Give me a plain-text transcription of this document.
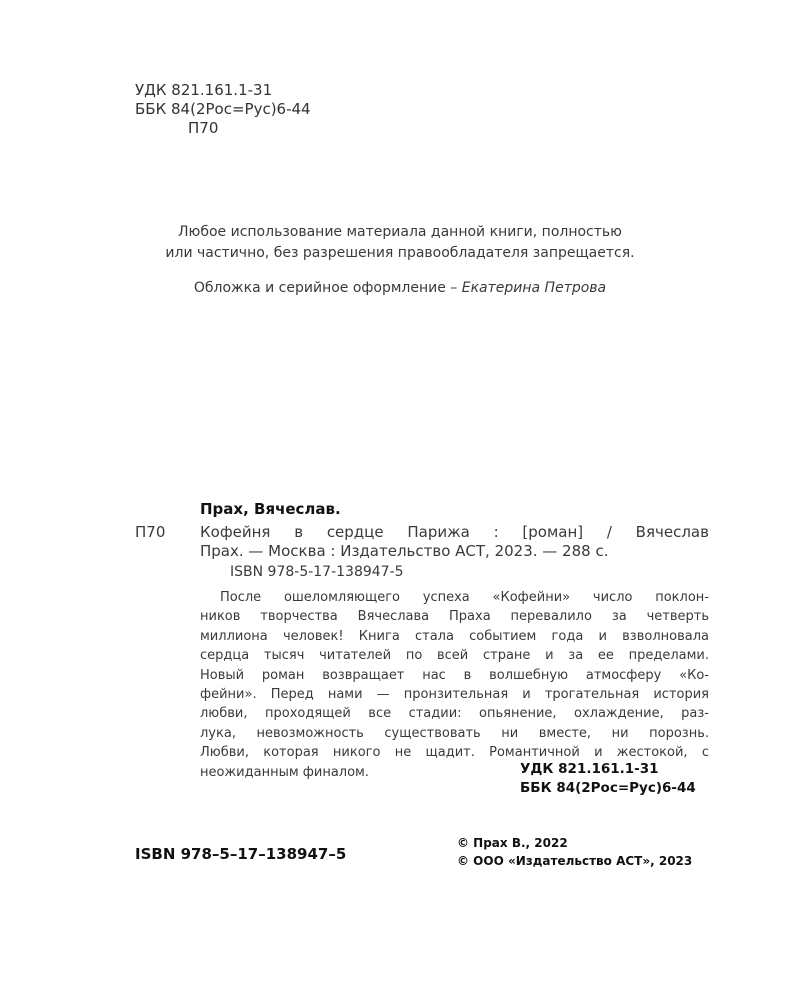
УДК 821.161.1-31
ББК 84(2Рос=Рус)6-44
П70
Любое использование материала данной книги, полностью
или частично, без разрешения правообладателя запрещается.
Обложка и серийное оформление – Екатерина Петрова
Прах, Вячеслав.
П70 Кофейня в сердце Парижа : [роман] / Вячеслав
Прах. — Москва : Издательство АСТ, 2023. — 288 с.
ISBN 978-5-17-138947-5
После ошеломляющего успеха «Кофейни» число поклон-
ников творчества Вячеслава Праха перевалило за четверть
миллиона человек! Книга стала событием года и взволновала
сердца тысяч читателей по всей стране и за ее пределами.
Новый роман возвращает нас в волшебную атмосферу «Ко-
фейни». Перед нами — пронзительная и трогательная история
любви, проходящей все стадии: опьянение, охлаждение, раз-
лука, невозможность существовать ни вместе, ни порознь.
Любви, которая никого не щадит. Романтичной и жестокой, с
неожиданным финалом.	УДК 821.161.1-31
ББК 84(2Рос=Рус)6-44
ISBN 978–5–17–138947–5
© Прах В., 2022
© ООО «Издательство АСТ», 2023
